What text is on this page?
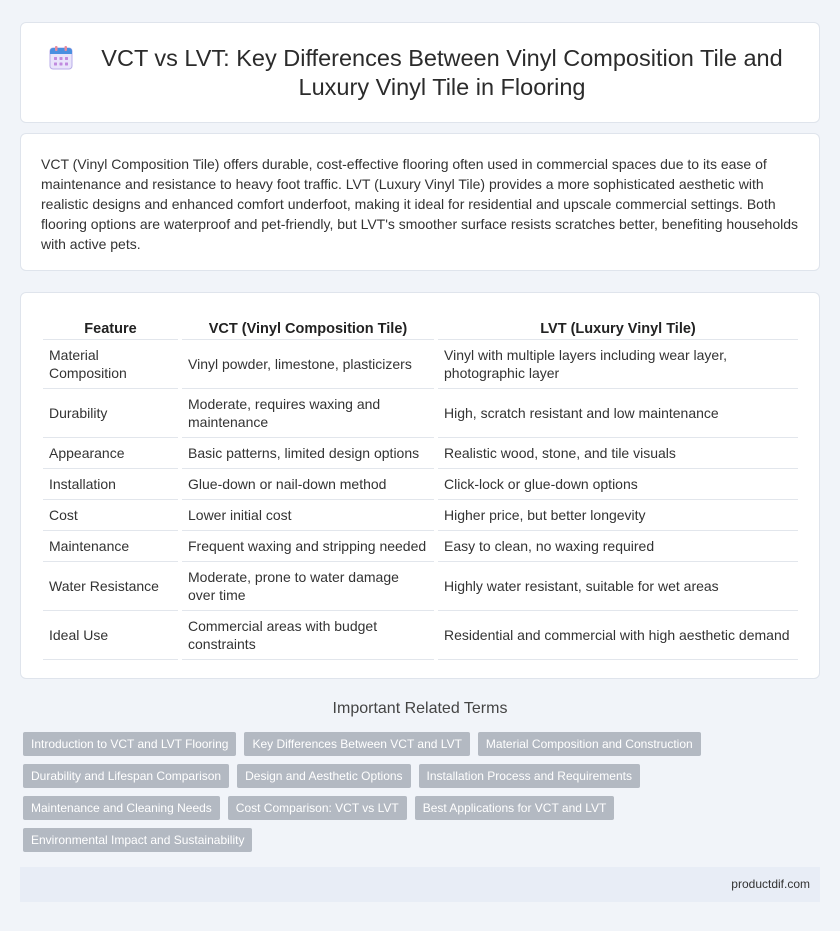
VCT vs LVT: Key Differences Between Vinyl Composition Tile and Luxury Vinyl Tile in Flooring

VCT (Vinyl Composition Tile) offers durable, cost-effective flooring often used in commercial spaces due to its ease of maintenance and resistance to heavy foot traffic. LVT (Luxury Vinyl Tile) provides a more sophisticated aesthetic with realistic designs and enhanced comfort underfoot, making it ideal for residential and upscale commercial settings. Both flooring options are waterproof and pet-friendly, but LVT's smoother surface resists scratches better, benefiting households with active pets.

Feature	VCT (Vinyl Composition Tile)	LVT (Luxury Vinyl Tile)
Material Composition	Vinyl powder, limestone, plasticizers	Vinyl with multiple layers including wear layer, photographic layer
Durability	Moderate, requires waxing and maintenance	High, scratch resistant and low maintenance
Appearance	Basic patterns, limited design options	Realistic wood, stone, and tile visuals
Installation	Glue-down or nail-down method	Click-lock or glue-down options
Cost	Lower initial cost	Higher price, but better longevity
Maintenance	Frequent waxing and stripping needed	Easy to clean, no waxing required
Water Resistance	Moderate, prone to water damage over time	Highly water resistant, suitable for wet areas
Ideal Use	Commercial areas with budget constraints	Residential and commercial with high aesthetic demand
Important Related Terms
Introduction to VCT and LVT Flooring	Key Differences Between VCT and LVT	Material Composition and Construction
Durability and Lifespan Comparison	Design and Aesthetic Options	Installation Process and Requirements
Maintenance and Cleaning Needs	Cost Comparison: VCT vs LVT	Best Applications for VCT and LVT
Environmental Impact and Sustainability
productdif.com
